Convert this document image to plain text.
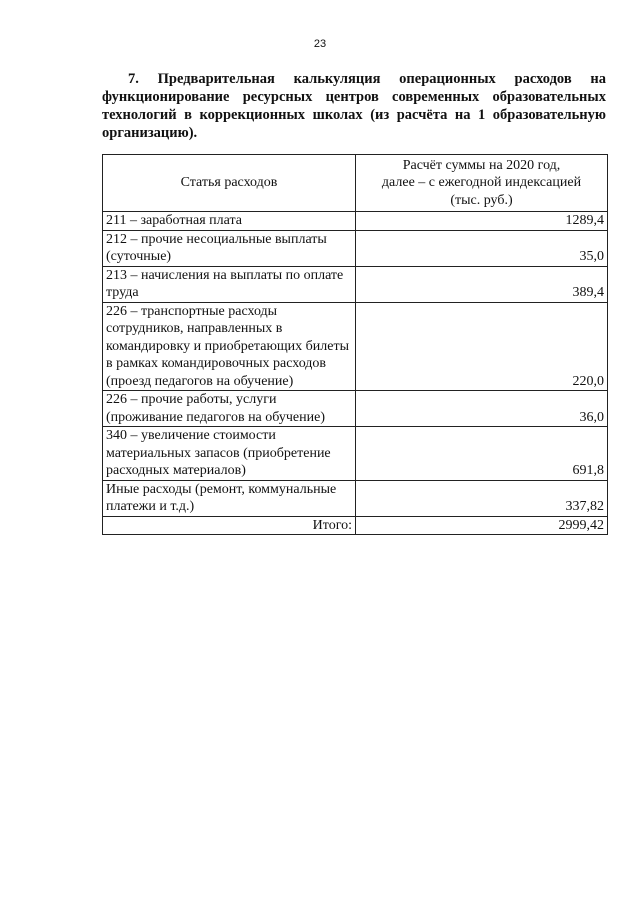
23

7. Предварительная калькуляция операционных расходов на функционирование ресурсных центров современных образовательных технологий в коррекционных школах (из расчёта на 1 образовательную организацию).

Статья расходов	Расчёт суммы на 2020 год,
далее – с ежегодной индексацией
(тыс. руб.)

211 – заработная плата	1289,4
212 – прочие несоциальные выплаты (суточные)	35,0
213 – начисления на выплаты по оплате труда	389,4
226 – транспортные расходы сотрудников, направленных в командировку и приобретающих билеты в рамках командировочных расходов (проезд педагогов на обучение)	220,0
226 – прочие работы, услуги (проживание педагогов на обучение)	36,0
340 – увеличение стоимости материальных запасов (приобретение расходных материалов)	691,8
Иные расходы (ремонт, коммунальные платежи и т.д.)	337,82
Итого:	2999,42
